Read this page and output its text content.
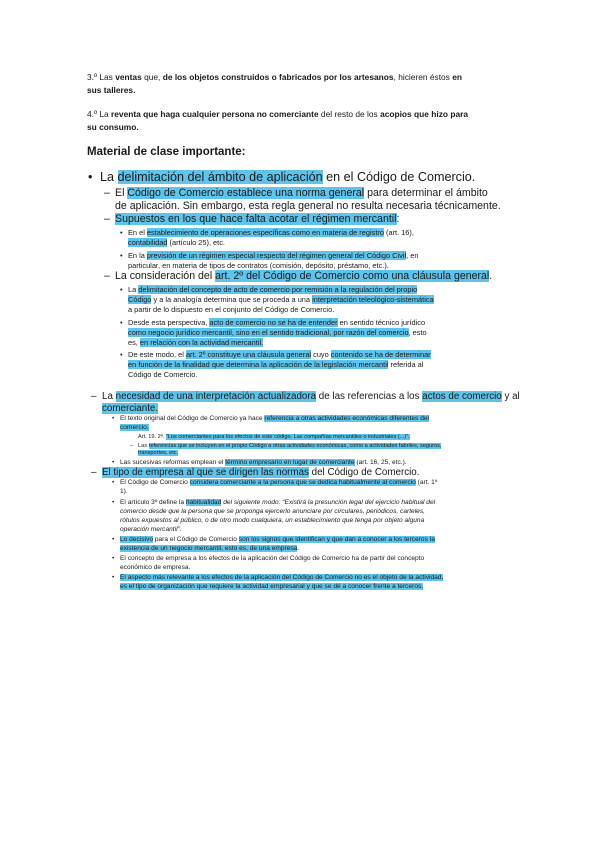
3.º Las ventas que, de los objetos construidos o fabricados por los artesanos, hicieren éstos en
sus talleres.
4.º La reventa que haga cualquier persona no comerciante del resto de los acopios que hizo para
su consumo.
Material de clase importante:
• La delimitación del ámbito de aplicación en el Código de Comercio.
– El Código de Comercio establece una norma general para determinar el ámbito
de aplicación. Sin embargo, esta regla general no resulta necesaria técnicamente.
– Supuestos en los que hace falta acotar el régimen mercantil:
• En el establecimiento de operaciones específicas como en materia de registro (art. 16),
contabilidad (artículo 25), etc.
• En la previsión de un régimen especial respecto del régimen general del Código Civil, en
particular, en materia de tipos de contratos (comisión, depósito, préstamo, etc.).
– La consideración del art. 2º del Código de Comercio como una cláusula general.
• La delimitación del concepto de acto de comercio por remisión a la regulación del propio
Código y a la analogía determina que se proceda a una interpretación teleológico-sistemática
a partir de lo dispuesto en el conjunto del Código de Comercio.
• Desde esta perspectiva, acto de comercio no se ha de entender en sentido técnico jurídico
como negocio jurídico mercantil, sino en el sentido tradicional, por razón del comercio, esto
es, en relación con la actividad mercantil.
• De este modo, el art. 2º constituye una cláusula general cuyo contenido se ha de determinar
en función de la finalidad que determina la aplicación de la legislación mercantil referida al
Código de Comercio.
– La necesidad de una interpretación actualizadora de las referencias a los actos de comercio y al
comerciante.
• El texto original del Código de Comercio ya hace referencia a otras actividades económicas diferentes del
comercio.
Art. 19. 2ª. “Los comerciantes para los efectos de este código. Las compañías mercantiles o industriales (...)”.
– Las referencias que se incluyen en el propio Código a otras actividades económicas, como a actividades fabriles, seguros,
transportes, etc.
• Las sucesivas reformas emplean el término empresario en lugar de comerciante (art. 16, 25, etc.).
– El tipo de empresa al que se dirigen las normas del Código de Comercio.
• El Código de Comercio considera comerciante a la persona que se dedica habitualmente al comercio (art. 1º
1).
• El artículo 3º define la habitualidad del siguiente modo: “Existirá la presunción legal del ejercicio habitual del
comercio desde que la persona que se proponga ejercerlo anunciare por circulares, periódicos, carteles,
rótulos expuestos al público, o de otro modo cualquiera, un establecimiento que tenga por objeto alguna
operación mercantil”.
• Lo decisivo para el Código de Comercio son los signos que identifican y que dan a conocer a los terceros la
existencia de un negocio mercantil, esto es, de una empresa.
• El concepto de empresa a los efectos de la aplicación del Código de Comercio ha de partir del concepto
económico de empresa.
• El aspecto más relevante a los efectos de la aplicación del Código de Comercio no es el objeto de la actividad,
es el tipo de organización que requiere la actividad empresarial y que se dé a conocer frente a terceros.
